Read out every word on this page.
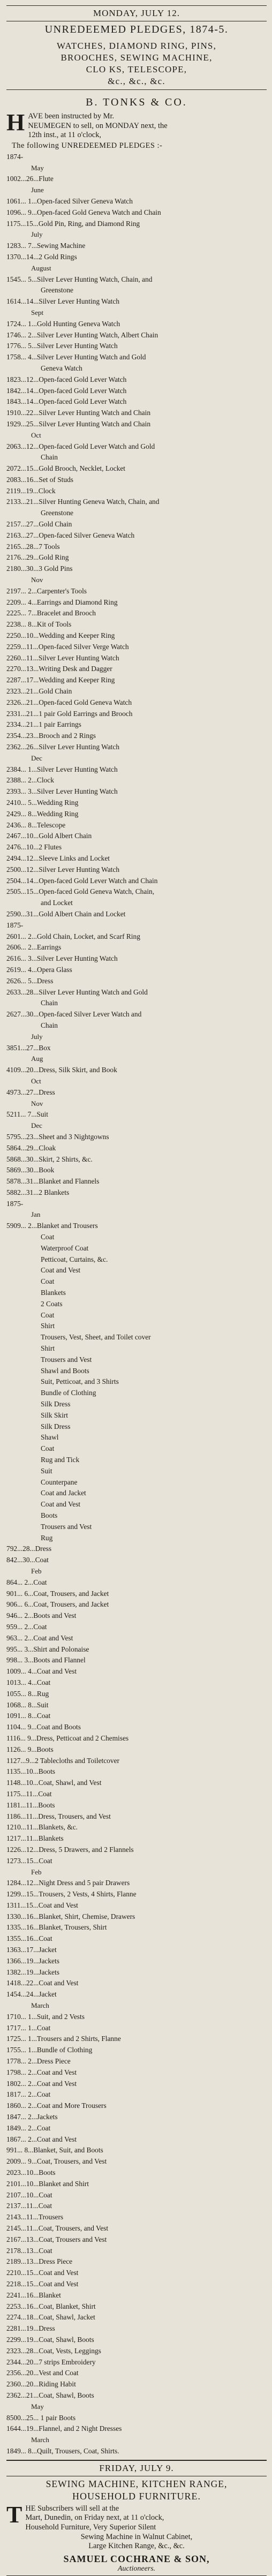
MONDAY, JULY 12.
UNREDEEMED PLEDGES, 1874-5.
WATCHES, DIAMOND RING, PINS,
BROOCHES, SEWING MACHINE,
CLO KS, TELESCOPE,
&c., &c., &c.
B. TONKS & CO.
H AVE been instructed by Mr.
NEUMEGEN to sell, on MONDAY next, the
12th inst., at 11 o'clock,
The following UNREDEEMED PLEDGES :-
1874-
May
1002...26...Flute
June
1061... 1...Open-faced Silver Geneva Watch
1096... 9...Open-faced Gold Geneva Watch and Chain
1175...15...Gold Pin, Ring, and Diamond Ring
July
1283... 7...Sewing Machine
1370...14...2 Gold Rings
August
1545... 5...Silver Lever Hunting Watch, Chain, and
Greenstone
1614...14...Silver Lever Hunting Watch
Sept
1724... 1...Gold Hunting Geneva Watch
1746... 2...Silver Lever Hunting Watch, Albert Chain
1776... 5...Silver Lever Hunting Watch
1758... 4...Silver Lever Hunting Watch and Gold
Geneva Watch
1823...12...Open-faced Gold Lever Watch
1842...14...Open-faced Gold Lever Watch
1843...14...Open-faced Gold Lever Watch
1910...22...Silver Lever Hunting Watch and Chain
1929...25...Silver Lever Hunting Watch and Chain
Oct
2063...12...Open-faced Gold Lever Watch and Gold
Chain
2072...15...Gold Brooch, Necklet, Locket
2083...16...Set of Studs
2119...19...Clock
2133...21...Silver Hunting Geneva Watch, Chain, and
Greenstone
2157...27...Gold Chain
2163...27...Open-faced Silver Geneva Watch
2165...28...7 Tools
2176...29...Gold Ring
2180...30...3 Gold Pins
Nov
2197... 2...Carpenter's Tools
2209... 4...Earrings and Diamond Ring
2225... 7...Bracelet and Brooch
2238... 8...Kit of Tools
2250...10...Wedding and Keeper Ring
2259...11...Open-faced Silver Verge Watch
2260...11...Silver Lever Hunting Watch
2270...13...Writing Desk and Dagger
2287...17...Wedding and Keeper Ring
2323...21...Gold Chain
2326...21...Open-faced Gold Geneva Watch
2331...21...1 pair Gold Earrings and Brooch
2334...21...1 pair Earrings
2354...23...Brooch and 2 Rings
2362...26...Silver Lever Hunting Watch
Dec
2384... 1...Silver Lever Hunting Watch
2388... 2...Clock
2393... 3...Silver Lever Hunting Watch
2410... 5...Wedding Ring
2429... 8...Wedding Ring
2436... 8...Telescope
2467...10...Gold Albert Chain
2476...10...2 Flutes
2494...12...Sleeve Links and Locket
2500...12...Silver Lever Hunting Watch
2504...14...Open-faced Gold Lever Watch and Chain
2505...15...Open-faced Gold Geneva Watch, Chain,
and Locket
2590...31...Gold Albert Chain and Locket
1875-
2601... 2...Gold Chain, Locket, and Scarf Ring
2606... 2...Earrings
2616... 3...Silver Lever Hunting Watch
2619... 4...Opera Glass
2626... 5...Dress
2633...28...Silver Lever Hunting Watch and Gold
Chain
2627...30...Open-faced Silver Lever Watch and
Chain
July
3851...27...Box
Aug
4109...20...Dress, Silk Skirt, and Book
Oct
4973...27...Dress
Nov
5211... 7...Suit
Dec
5795...23...Sheet and 3 Nightgowns
5864...29...Cloak
5868...30...Skirt, 2 Shirts, &c.
5869...30...Book
5878...31...Blanket and Flannels
5882...31...2 Blankets
1875-
Jan
5909... 2...Blanket and Trousers
Coat
Waterproof Coat
Petticoat, Curtains, &c.
Coat and Vest
Coat
Blankets
2 Coats
Coat
Shirt
Trousers, Vest, Sheet, and Toilet cover
Shirt
Trousers and Vest
Shawl and Boots
Suit, Petticoat, and 3 Shirts
Bundle of Clothing
Silk Dress
Silk Skirt
Silk Dress
Shawl
Coat
Rug and Tick
Suit
Counterpane
Coat and Jacket
Coat and Vest
Boots
Trousers and Vest
Rug
792...28...Dress
842...30...Coat
Feb
864... 2...Coat
901... 6...Coat, Trousers, and Jacket
906... 6...Coat, Trousers, and Jacket
946... 2...Boots and Vest
959... 2...Coat
963... 2...Coat and Vest
995... 3...Shirt and Polonaise
998... 3...Boots and Flannel
1009... 4...Coat and Vest
1013... 4...Coat
1055... 8...Rug
1068... 8...Suit
1091... 8...Coat
1104... 9...Coat and Boots
1116... 9...Dress, Petticoat and 2 Chemises
1126... 9...Boots
1127...9...2 Tablecloths and Toiletcover
1135...10...Boots
1148...10...Coat, Shawl, and Vest
1175...11...Coat
1181...11...Boots
1186...11...Dress, Trousers, and Vest
1210...11...Blankets, &c.
1217...11...Blankets
1226...12...Dress, 5 Drawers, and 2 Flannels
1273...15...Coat
Feb
1284...12...Night Dress and 5 pair Drawers
1299...15...Trousers, 2 Vests, 4 Shirts, Flanne
1311...15...Coat and Vest
1330...16...Blanket, Shirt, Chemise, Drawers
1335...16...Blanket, Trousers, Shirt
1355...16...Coat
1363...17...Jacket
1366...19...Jackets
1382...19...Jackets
1418...22...Coat and Vest
1454...24...Jacket
March
1710... 1...Suit, and 2 Vests
1717... 1...Coat
1725... 1...Trousers and 2 Shirts, Flanne
1755... 1...Bundle of Clothing
1778... 2...Dress Piece
1798... 2...Coat and Vest
1802... 2...Coat and Vest
1817... 2...Coat
1860... 2...Coat and More Trousers
1847... 2...Jackets
1849... 2...Coat
1867... 2...Coat and Vest
991... 8...Blanket, Suit, and Boots
2009... 9...Coat, Trousers, and Vest
2023...10...Boots
2101...10...Blanket and Shirt
2107...10...Coat
2137...11...Coat
2143...11...Trousers
2145...11...Coat, Trousers, and Vest
2167...13...Coat, Trousers and Vest
2178...13...Coat
2189...13...Dress Piece
2210...15...Coat and Vest
2218...15...Coat and Vest
2241...16...Blanket
2253...16...Coat, Blanket, Shirt
2274...18...Coat, Shawl, Jacket
2281...19...Dress
2299...19...Coat, Shawl, Boots
2323...28...Coat, Vests, Leggings
2344...20...7 strips Embroidery
2356...20...Vest and Coat
2360...20...Riding Habit
2362...21...Coat, Shawl, Boots
May
8500...25... 1 pair Boots
1644...19...Flannel, and 2 Night Dresses
March
1849... 8...Quilt, Trousers, Coat, Shirts.
FRIDAY, JULY 9.
SEWING MACHINE, KITCHEN RANGE,
HOUSEHOLD FURNITURE.
T HE Subscribers will sell at the
Mart, Dunedin, on Friday next, at 11 o'clock,
Household Furniture, Very Superior Silent
Sewing Machine in Walnut Cabinet,
Large Kitchen Range, &c., &c.
SAMUEL COCHRANE & SON,
Auctioneers.
